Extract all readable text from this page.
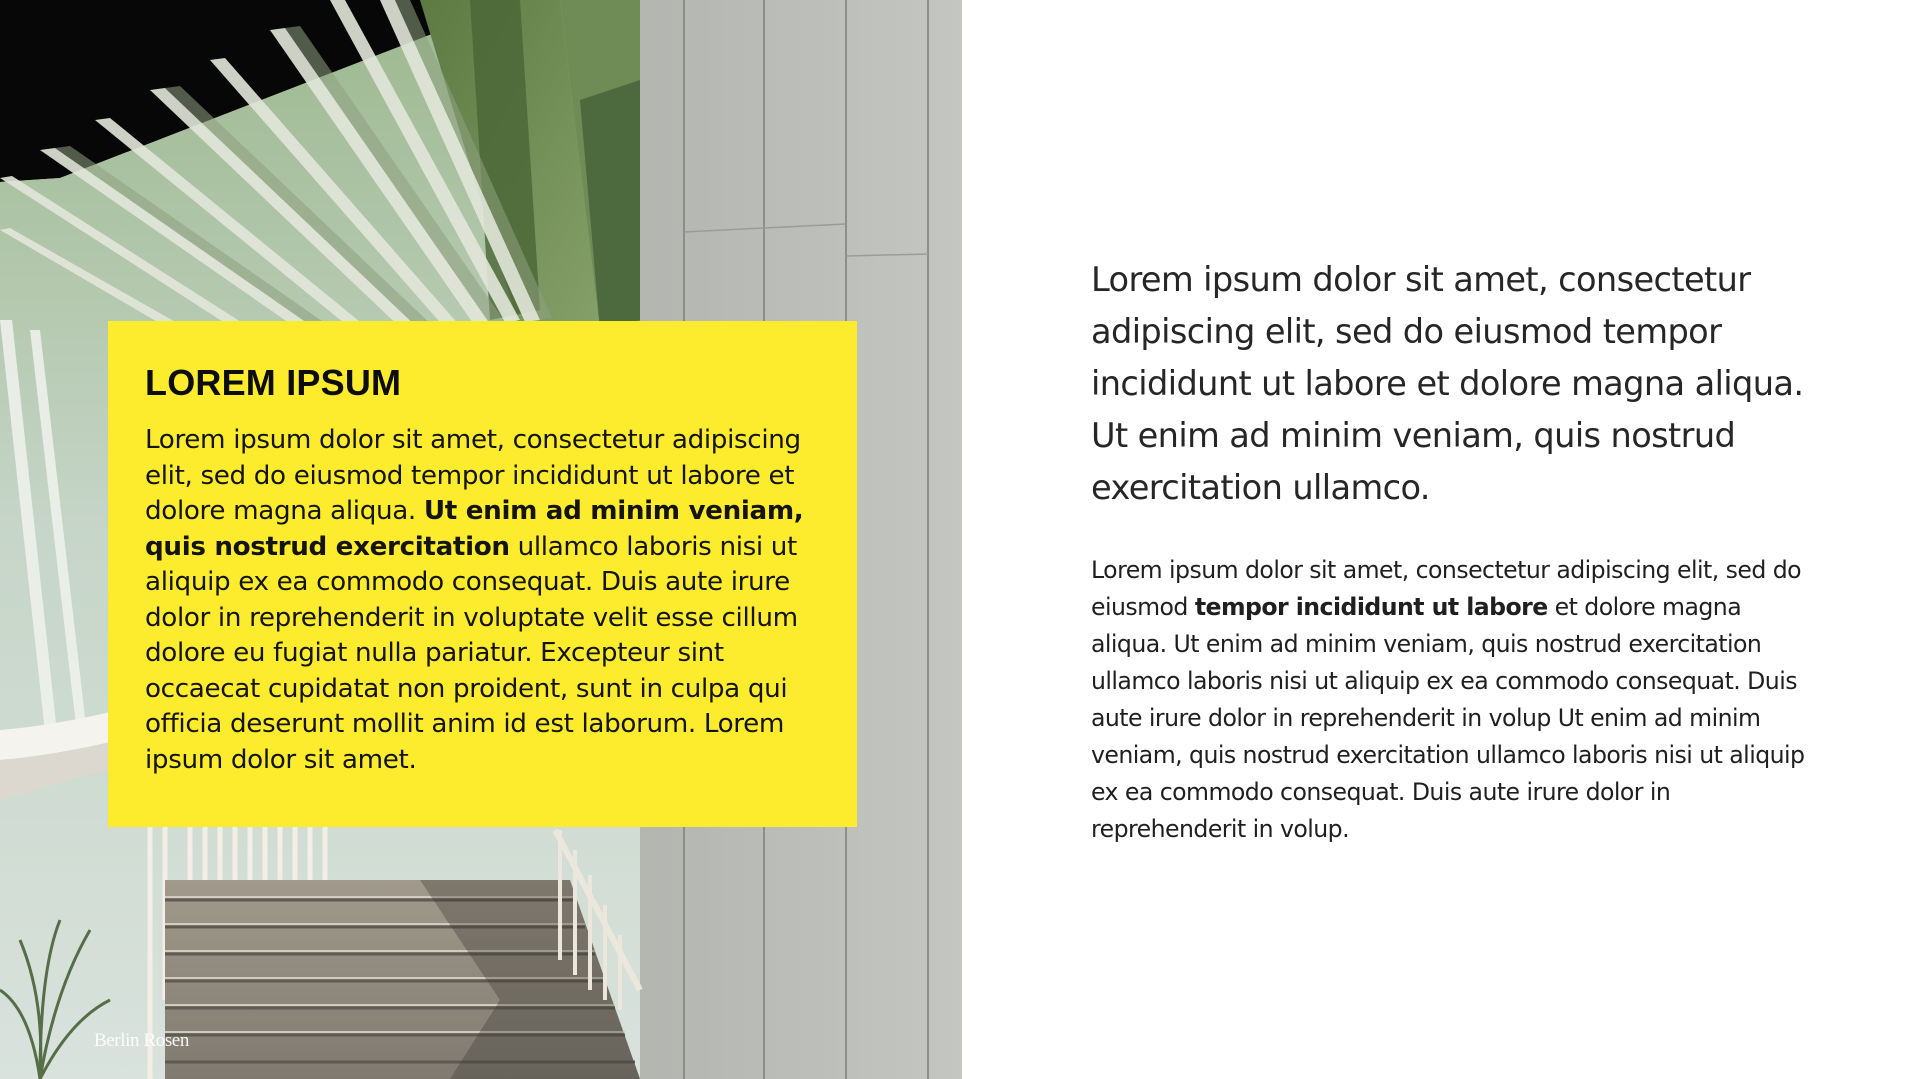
Berlin Rosen
LOREM IPSUM

Lorem ipsum dolor sit amet, consectetur adipiscing elit, sed do eiusmod tempor incididunt ut labore et dolore magna aliqua. Ut enim ad minim veniam, quis nostrud exercitation ullamco laboris nisi ut aliquip ex ea commodo consequat. Duis aute irure dolor in reprehenderit in voluptate velit esse cillum dolore eu fugiat nulla pariatur. Excepteur sint occaecat cupidatat non proident, sunt in culpa qui officia deserunt mollit anim id est laborum. Lorem ipsum dolor sit amet.

Lorem ipsum dolor sit amet, consectetur adipiscing elit, sed do eiusmod tempor incididunt ut labore et dolore magna aliqua. Ut enim ad minim veniam, quis nostrud exercitation ullamco.

Lorem ipsum dolor sit amet, consectetur adipiscing elit, sed do eiusmod tempor incididunt ut labore et dolore magna aliqua. Ut enim ad minim veniam, quis nostrud exercitation ullamco laboris nisi ut aliquip ex ea commodo consequat. Duis aute irure dolor in reprehenderit in volup Ut enim ad minim veniam, quis nostrud exercitation ullamco laboris nisi ut aliquip ex ea commodo consequat. Duis aute irure dolor in reprehenderit in volup.
